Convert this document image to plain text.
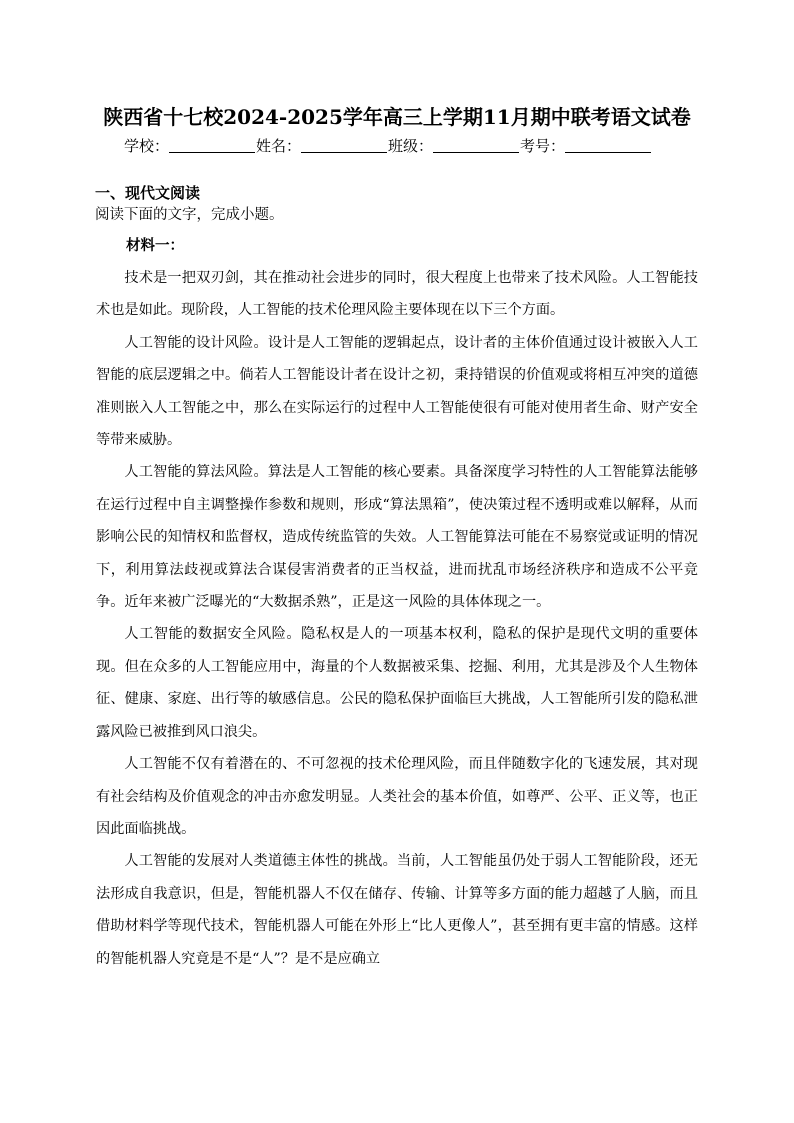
陕西省十七校2024-2025学年高三上学期11月期中联考语文试卷
学校：	姓名：	班级：	考号：
一、现代文阅读
阅读下面的文字，完成小题。
材料一：

技术是一把双刃剑，其在推动社会进步的同时，很大程度上也带来了技术风险。人工智能技术也是如此。现阶段，人工智能的技术伦理风险主要体现在以下三个方面。

人工智能的设计风险。设计是人工智能的逻辑起点，设计者的主体价值通过设计被嵌入人工智能的底层逻辑之中。倘若人工智能设计者在设计之初，秉持错误的价值观或将相互冲突的道德准则嵌入人工智能之中，那么在实际运行的过程中人工智能使很有可能对使用者生命、财产安全等带来威胁。

人工智能的算法风险。算法是人工智能的核心要素。具备深度学习特性的人工智能算法能够在运行过程中自主调整操作参数和规则，形成“算法黑箱”，使决策过程不透明或难以解释，从而影响公民的知情权和监督权，造成传统监管的失效。人工智能算法可能在不易察觉或证明的情况下，利用算法歧视或算法合谋侵害消费者的正当权益，进而扰乱市场经济秩序和造成不公平竞争。近年来被广泛曝光的“大数据杀熟”，正是这一风险的具体体现之一。

人工智能的数据安全风险。隐私权是人的一项基本权利，隐私的保护是现代文明的重要体现。但在众多的人工智能应用中，海量的个人数据被采集、挖掘、利用，尤其是涉及个人生物体征、健康、家庭、出行等的敏感信息。公民的隐私保护面临巨大挑战，人工智能所引发的隐私泄露风险已被推到风口浪尖。

人工智能不仅有着潜在的、不可忽视的技术伦理风险，而且伴随数字化的飞速发展，其对现有社会结构及价值观念的冲击亦愈发明显。人类社会的基本价值，如尊严、公平、正义等，也正因此面临挑战。

人工智能的发展对人类道德主体性的挑战。当前，人工智能虽仍处于弱人工智能阶段，还无法形成自我意识，但是，智能机器人不仅在储存、传输、计算等多方面的能力超越了人脑，而且借助材料学等现代技术，智能机器人可能在外形上“比人更像人”，甚至拥有更丰富的情感。这样的智能机器人究竟是不是“人”？是不是应确立
